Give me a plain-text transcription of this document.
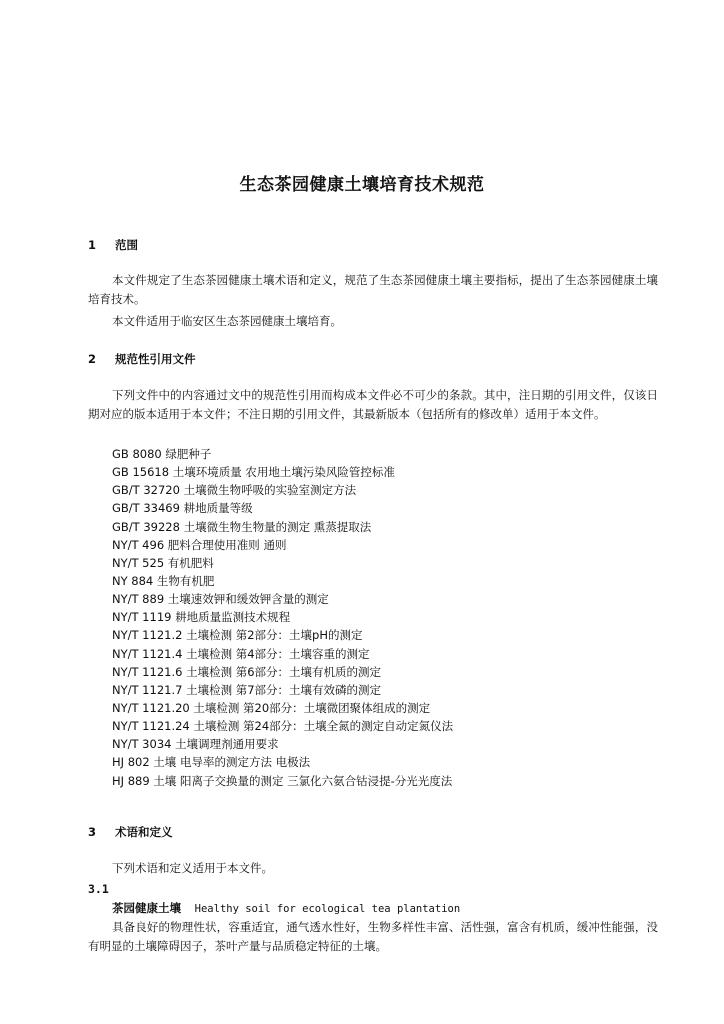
生态茶园健康土壤培育技术规范
1 范围
本文件规定了生态茶园健康土壤术语和定义，规范了生态茶园健康土壤主要指标，提出了生态茶园健康土壤培育技术。
本文件适用于临安区生态茶园健康土壤培育。
2 规范性引用文件
下列文件中的内容通过文中的规范性引用而构成本文件必不可少的条款。其中，注日期的引用文件，仅该日期对应的版本适用于本文件；不注日期的引用文件，其最新版本（包括所有的修改单）适用于本文件。
GB 8080 绿肥种子
GB 15618 土壤环境质量 农用地土壤污染风险管控标准
GB/T 32720 土壤微生物呼吸的实验室测定方法
GB/T 33469 耕地质量等级
GB/T 39228 土壤微生物生物量的测定 熏蒸提取法
NY/T 496 肥料合理使用准则 通则
NY/T 525 有机肥料
NY 884 生物有机肥
NY/T 889 土壤速效钾和缓效钾含量的测定
NY/T 1119 耕地质量监测技术规程
NY/T 1121.2 土壤检测 第2部分：土壤pH的测定
NY/T 1121.4 土壤检测 第4部分：土壤容重的测定
NY/T 1121.6 土壤检测 第6部分：土壤有机质的测定
NY/T 1121.7 土壤检测 第7部分：土壤有效磷的测定
NY/T 1121.20 土壤检测 第20部分：土壤微团聚体组成的测定
NY/T 1121.24 土壤检测 第24部分：土壤全氮的测定自动定氮仪法
NY/T 3034 土壤调理剂通用要求
HJ 802 土壤 电导率的测定方法 电极法
HJ 889 土壤 阳离子交换量的测定 三氯化六氨合钴浸提-分光光度法
3 术语和定义
下列术语和定义适用于本文件。
3.1
茶园健康土壤 Healthy soil for ecological tea plantation
具备良好的物理性状，容重适宜，通气透水性好，生物多样性丰富、活性强，富含有机质，缓冲性能强，没有明显的土壤障碍因子，茶叶产量与品质稳定特征的土壤。
